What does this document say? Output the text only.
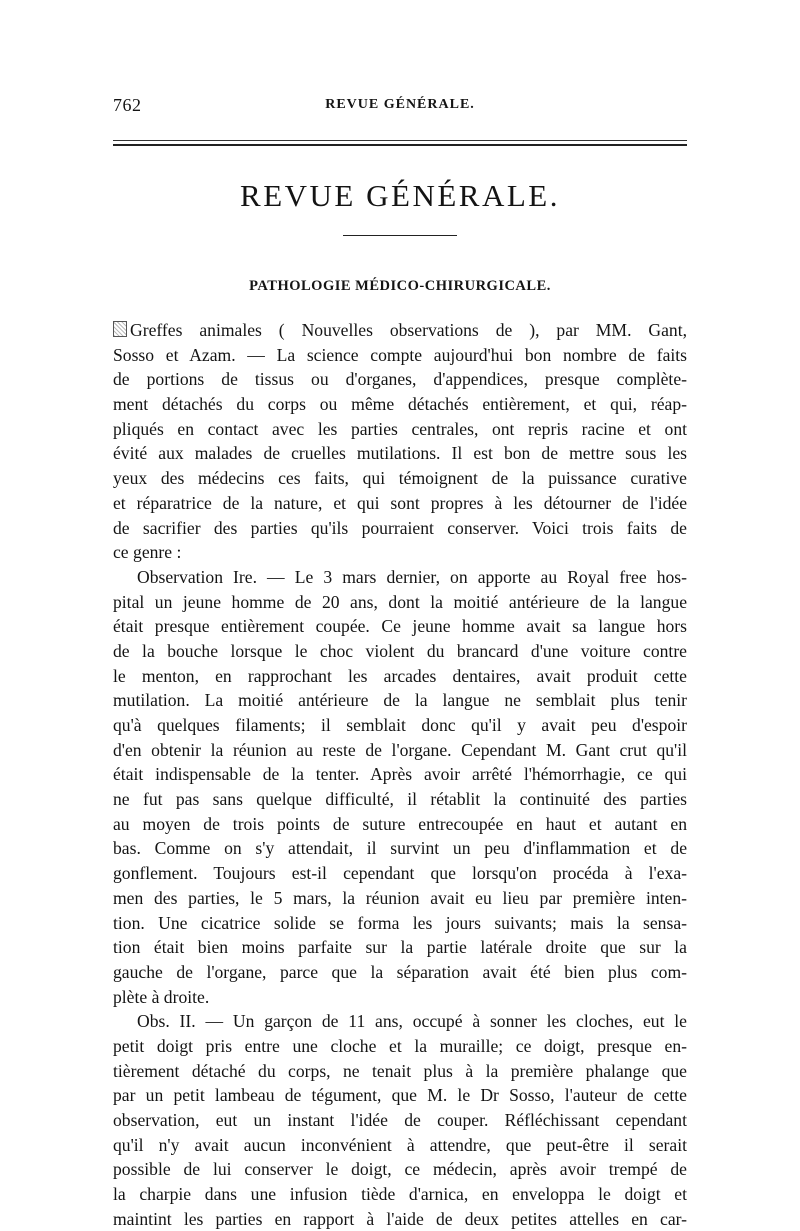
762	REVUE GÉNÉRALE.
REVUE GÉNÉRALE.
PATHOLOGIE MÉDICO-CHIRURGICALE.
Greffes animales ( Nouvelles observations de ), par MM. Gant,
Sosso et Azam. — La science compte aujourd'hui bon nombre de faits
de portions de tissus ou d'organes, d'appendices, presque complète-
ment détachés du corps ou même détachés entièrement, et qui, réap-
pliqués en contact avec les parties centrales, ont repris racine et ont
évité aux malades de cruelles mutilations. Il est bon de mettre sous les
yeux des médecins ces faits, qui témoignent de la puissance curative
et réparatrice de la nature, et qui sont propres à les détourner de l'idée
de sacrifier des parties qu'ils pourraient conserver. Voici trois faits de
ce genre :
Observation Ire. — Le 3 mars dernier, on apporte au Royal free hos-
pital un jeune homme de 20 ans, dont la moitié antérieure de la langue
était presque entièrement coupée. Ce jeune homme avait sa langue hors
de la bouche lorsque le choc violent du brancard d'une voiture contre
le menton, en rapprochant les arcades dentaires, avait produit cette
mutilation. La moitié antérieure de la langue ne semblait plus tenir
qu'à quelques filaments; il semblait donc qu'il y avait peu d'espoir
d'en obtenir la réunion au reste de l'organe. Cependant M. Gant crut qu'il
était indispensable de la tenter. Après avoir arrêté l'hémorrhagie, ce qui
ne fut pas sans quelque difficulté, il rétablit la continuité des parties
au moyen de trois points de suture entrecoupée en haut et autant en
bas. Comme on s'y attendait, il survint un peu d'inflammation et de
gonflement. Toujours est-il cependant que lorsqu'on procéda à l'exa-
men des parties, le 5 mars, la réunion avait eu lieu par première inten-
tion. Une cicatrice solide se forma les jours suivants; mais la sensa-
tion était bien moins parfaite sur la partie latérale droite que sur la
gauche de l'organe, parce que la séparation avait été bien plus com-
plète à droite.
Obs. II. — Un garçon de 11 ans, occupé à sonner les cloches, eut le
petit doigt pris entre une cloche et la muraille; ce doigt, presque en-
tièrement détaché du corps, ne tenait plus à la première phalange que
par un petit lambeau de tégument, que M. le Dr Sosso, l'auteur de cette
observation, eut un instant l'idée de couper. Réfléchissant cependant
qu'il n'y avait aucun inconvénient à attendre, que peut-être il serait
possible de lui conserver le doigt, ce médecin, après avoir trempé de
la charpie dans une infusion tiède d'arnica, en enveloppa le doigt et
maintint les parties en rapport à l'aide de deux petites attelles en car-
